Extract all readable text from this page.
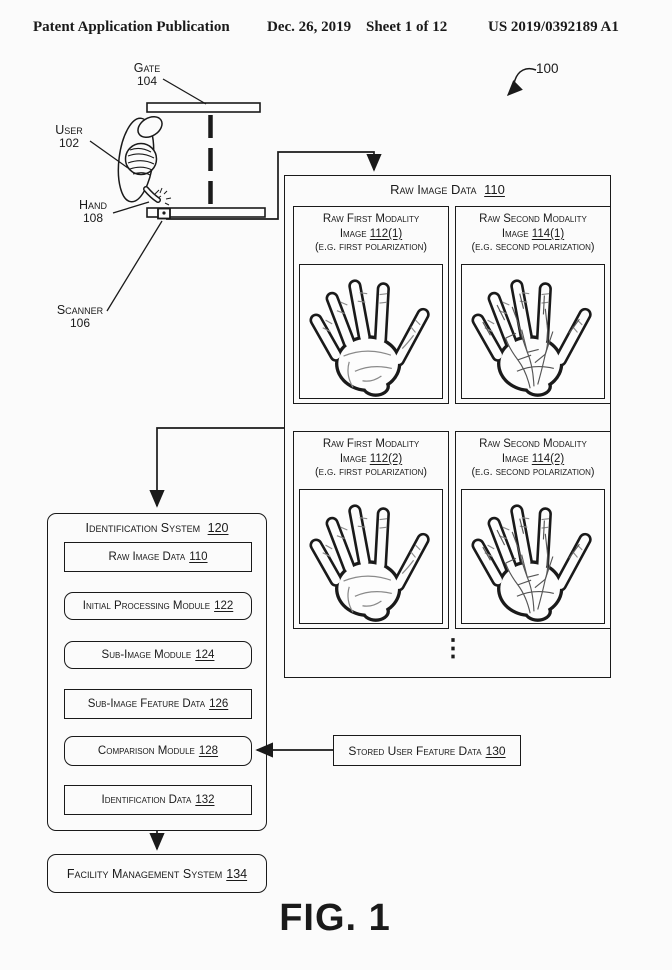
Patent Application Publication Dec. 26, 2019 Sheet 1 of 12	US 2019/0392189 A1
100
Gate
104
User
102
Hand
108
Scanner
106
Raw Image Data 110
Raw First Modality
Image 112(1)
(e.g. first polarization)
Raw Second Modality
Image 114(1)
(e.g. second polarization)
Raw First Modality
Image 112(2)
(e.g. first polarization)
Raw Second Modality
Image 114(2)
(e.g. second polarization)
⋮
Identification System 120
Raw Image Data 110
Initial Processing Module 122
Sub-Image Module 124
Sub-Image Feature Data 126
Comparison Module 128
Identification Data 132
Stored User Feature Data 130
Facility Management System 134
FIG. 1
